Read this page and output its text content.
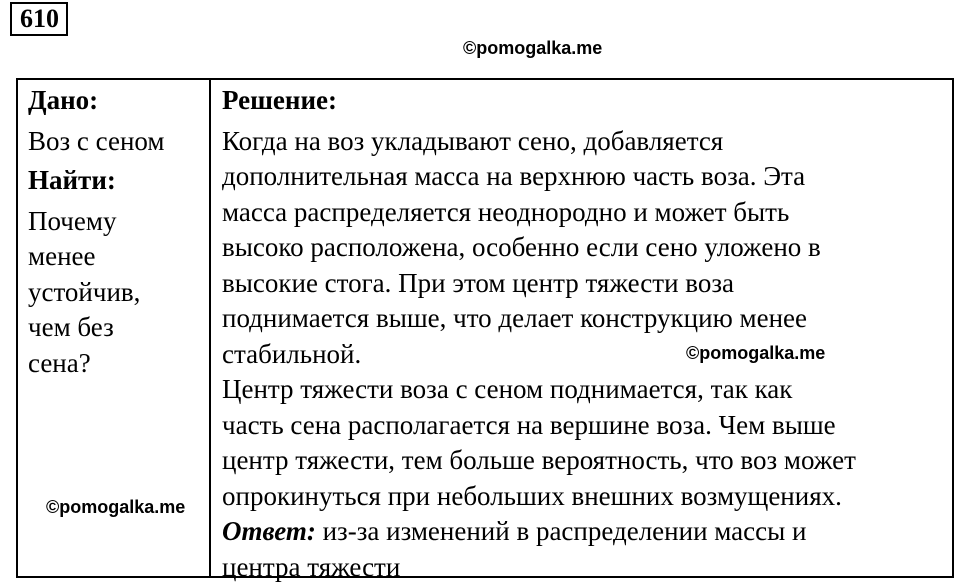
610
©pomogalka.me
Дано:
Воз с сеном
Найти:
Почему
менее
устойчив,
чем без
сена?
Решение:
Когда на воз укладывают сено, добавляется
дополнительная масса на верхнюю часть воза. Эта
масса распределяется неоднородно и может быть
высоко расположена, особенно если сено уложено в
высокие стога. При этом центр тяжести воза
поднимается выше, что делает конструкцию менее
стабильной.
Центр тяжести воза с сеном поднимается, так как
часть сена располагается на вершине воза. Чем выше
центр тяжести, тем больше вероятность, что воз может
опрокинуться при небольших внешних возмущениях.
Ответ: из-за изменений в распределении массы и
центра тяжести
©pomogalka.me
©pomogalka.me
